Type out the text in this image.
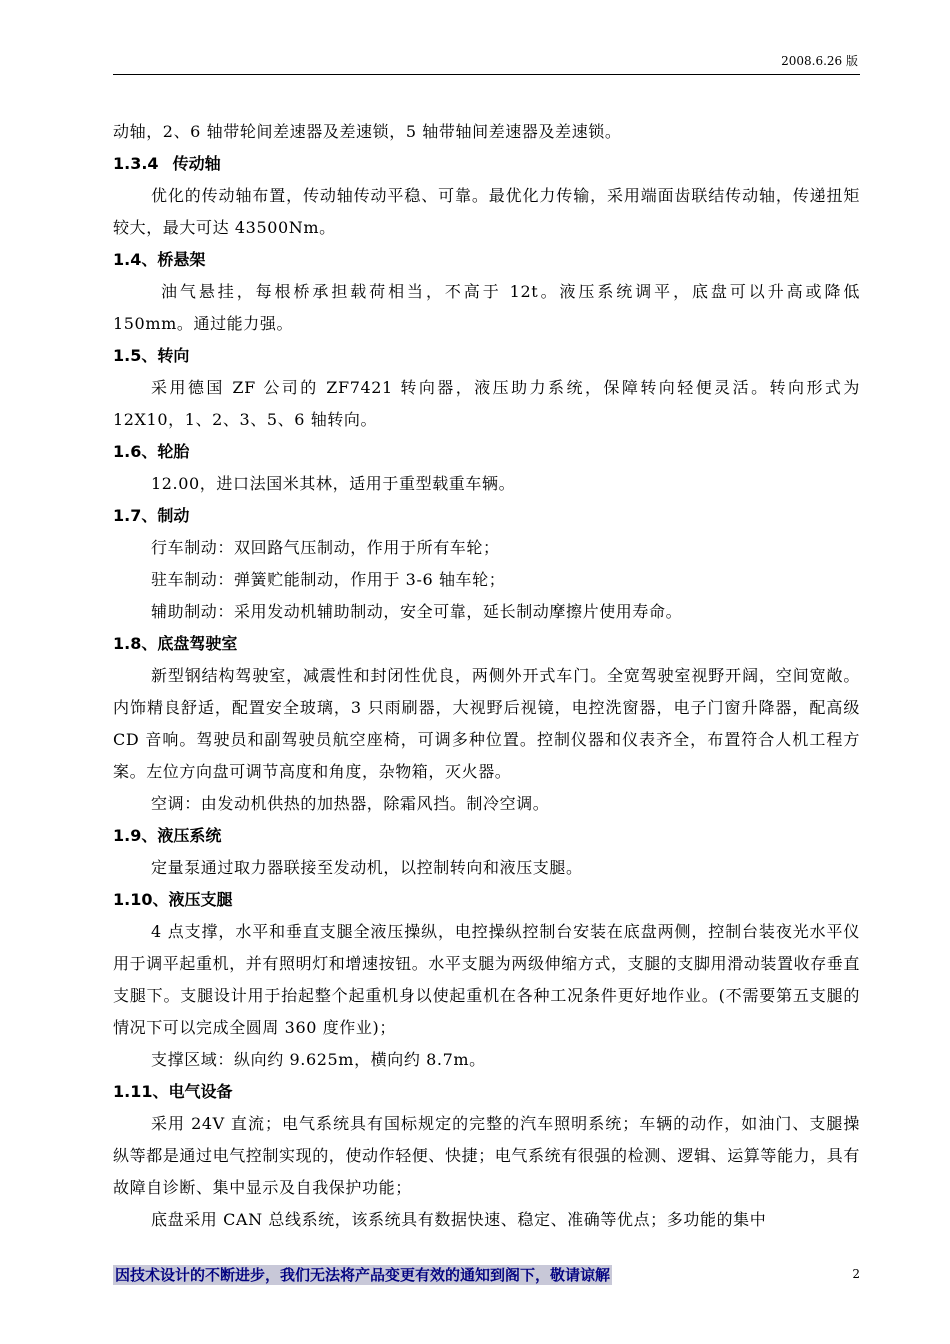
2008.6.26 版

动轴，2、6 轴带轮间差速器及差速锁，5 轴带轴间差速器及差速锁。

1.3.4 传动轴

优化的传动轴布置，传动轴传动平稳、可靠。最优化力传输，采用端面齿联结传动轴，传递扭矩较大，最大可达 43500Nm。

1.4、桥悬架

油气悬挂，每根桥承担载荷相当，不高于 12t。液压系统调平，底盘可以升高或降低 150mm。通过能力强。

1.5、转向

采用德国 ZF 公司的 ZF7421 转向器，液压助力系统，保障转向轻便灵活。转向形式为 12X10，1、2、3、5、6 轴转向。

1.6、轮胎

12.00，进口法国米其林，适用于重型载重车辆。

1.7、制动

行车制动：双回路气压制动，作用于所有车轮；

驻车制动：弹簧贮能制动，作用于 3-6 轴车轮；

辅助制动：采用发动机辅助制动，安全可靠，延长制动摩擦片使用寿命。

1.8、底盘驾驶室

新型钢结构驾驶室，减震性和封闭性优良，两侧外开式车门。全宽驾驶室视野开阔，空间宽敞。内饰精良舒适，配置安全玻璃，3 只雨刷器，大视野后视镜，电控洗窗器，电子门窗升降器，配高级 CD 音响。驾驶员和副驾驶员航空座椅，可调多种位置。控制仪器和仪表齐全，布置符合人机工程方案。左位方向盘可调节高度和角度，杂物箱，灭火器。

空调：由发动机供热的加热器，除霜风挡。制冷空调。

1.9、液压系统

定量泵通过取力器联接至发动机，以控制转向和液压支腿。

1.10、液压支腿

4 点支撑，水平和垂直支腿全液压操纵，电控操纵控制台安装在底盘两侧，控制台装夜光水平仪用于调平起重机，并有照明灯和增速按钮。水平支腿为两级伸缩方式，支腿的支脚用滑动装置收存垂直支腿下。支腿设计用于抬起整个起重机身以使起重机在各种工况条件更好地作业。(不需要第五支腿的情况下可以完成全圆周 360 度作业)；

支撑区域：纵向约 9.625m，横向约 8.7m。

1.11、电气设备

采用 24V 直流；电气系统具有国标规定的完整的汽车照明系统；车辆的动作，如油门、支腿操纵等都是通过电气控制实现的，使动作轻便、快捷；电气系统有很强的检测、逻辑、运算等能力，具有故障自诊断、集中显示及自我保护功能；

底盘采用 CAN 总线系统，该系统具有数据快速、稳定、准确等优点；多功能的集中

因技术设计的不断进步，我们无法将产品变更有效的通知到阁下，敬请谅解	2
